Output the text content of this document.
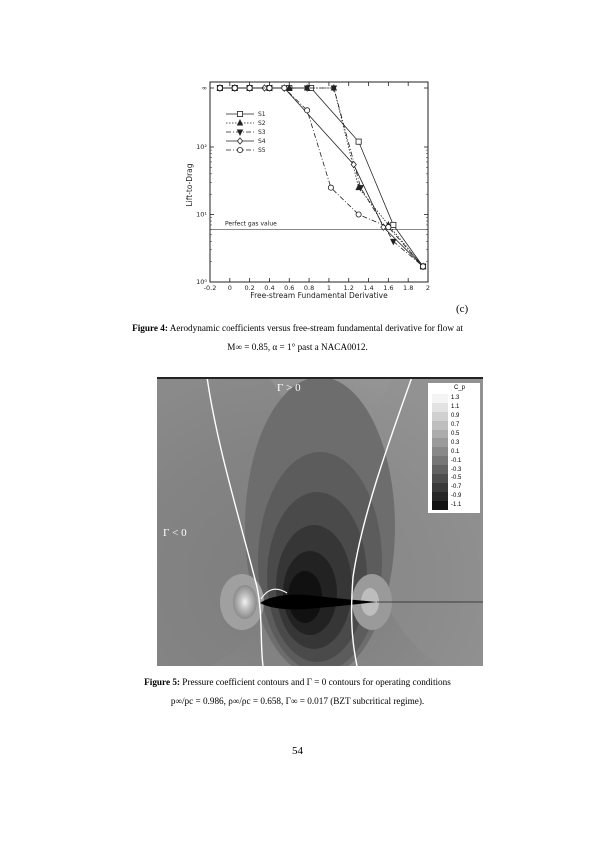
-0.2 0 0.2 0.4 0.6 0.8 1 1.2 1.4 1.6 1.8 2
10⁰
10¹
10²
∞
Free-stream Fundamental Derivative
Lift-to-Drag
Perfect gas value
S1
S2
S3
S4
S5
(c)
Figure 4: Aerodynamic coefficients versus free-stream fundamental derivative for flow at
M∞ = 0.85, α = 1° past a NACA0012.
Γ > 0
Γ < 0
C_p
1.3
1.1
0.9
0.7
0.5
0.3
0.1
-0.1
-0.3
-0.5
-0.7
-0.9
-1.1
Figure 5: Pressure coefficient contours and Γ = 0 contours for operating conditions
p∞/pc = 0.986, ρ∞/ρc = 0.658, Γ∞ = 0.017 (BZT subcritical regime).
54
